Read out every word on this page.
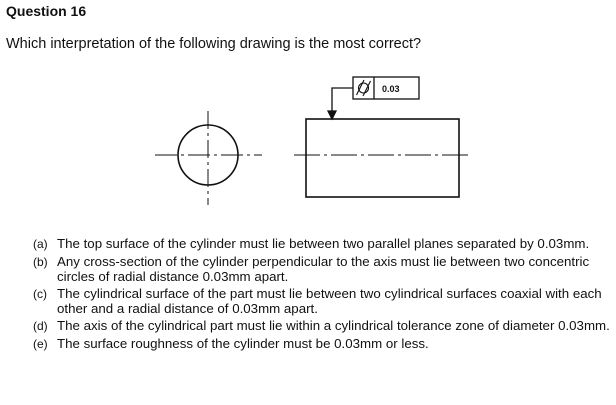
Question 16
Which interpretation of the following drawing is the most correct?
0.03
(a) The top surface of the cylinder must lie between two parallel planes separated by 0.03mm.
(b) Any cross-section of the cylinder perpendicular to the axis must lie between two concentric circles of radial distance 0.03mm apart.
(c) The cylindrical surface of the part must lie between two cylindrical surfaces coaxial with each other and a radial distance of 0.03mm apart.
(d) The axis of the cylindrical part must lie within a cylindrical tolerance zone of diameter 0.03mm.
(e) The surface roughness of the cylinder must be 0.03mm or less.
